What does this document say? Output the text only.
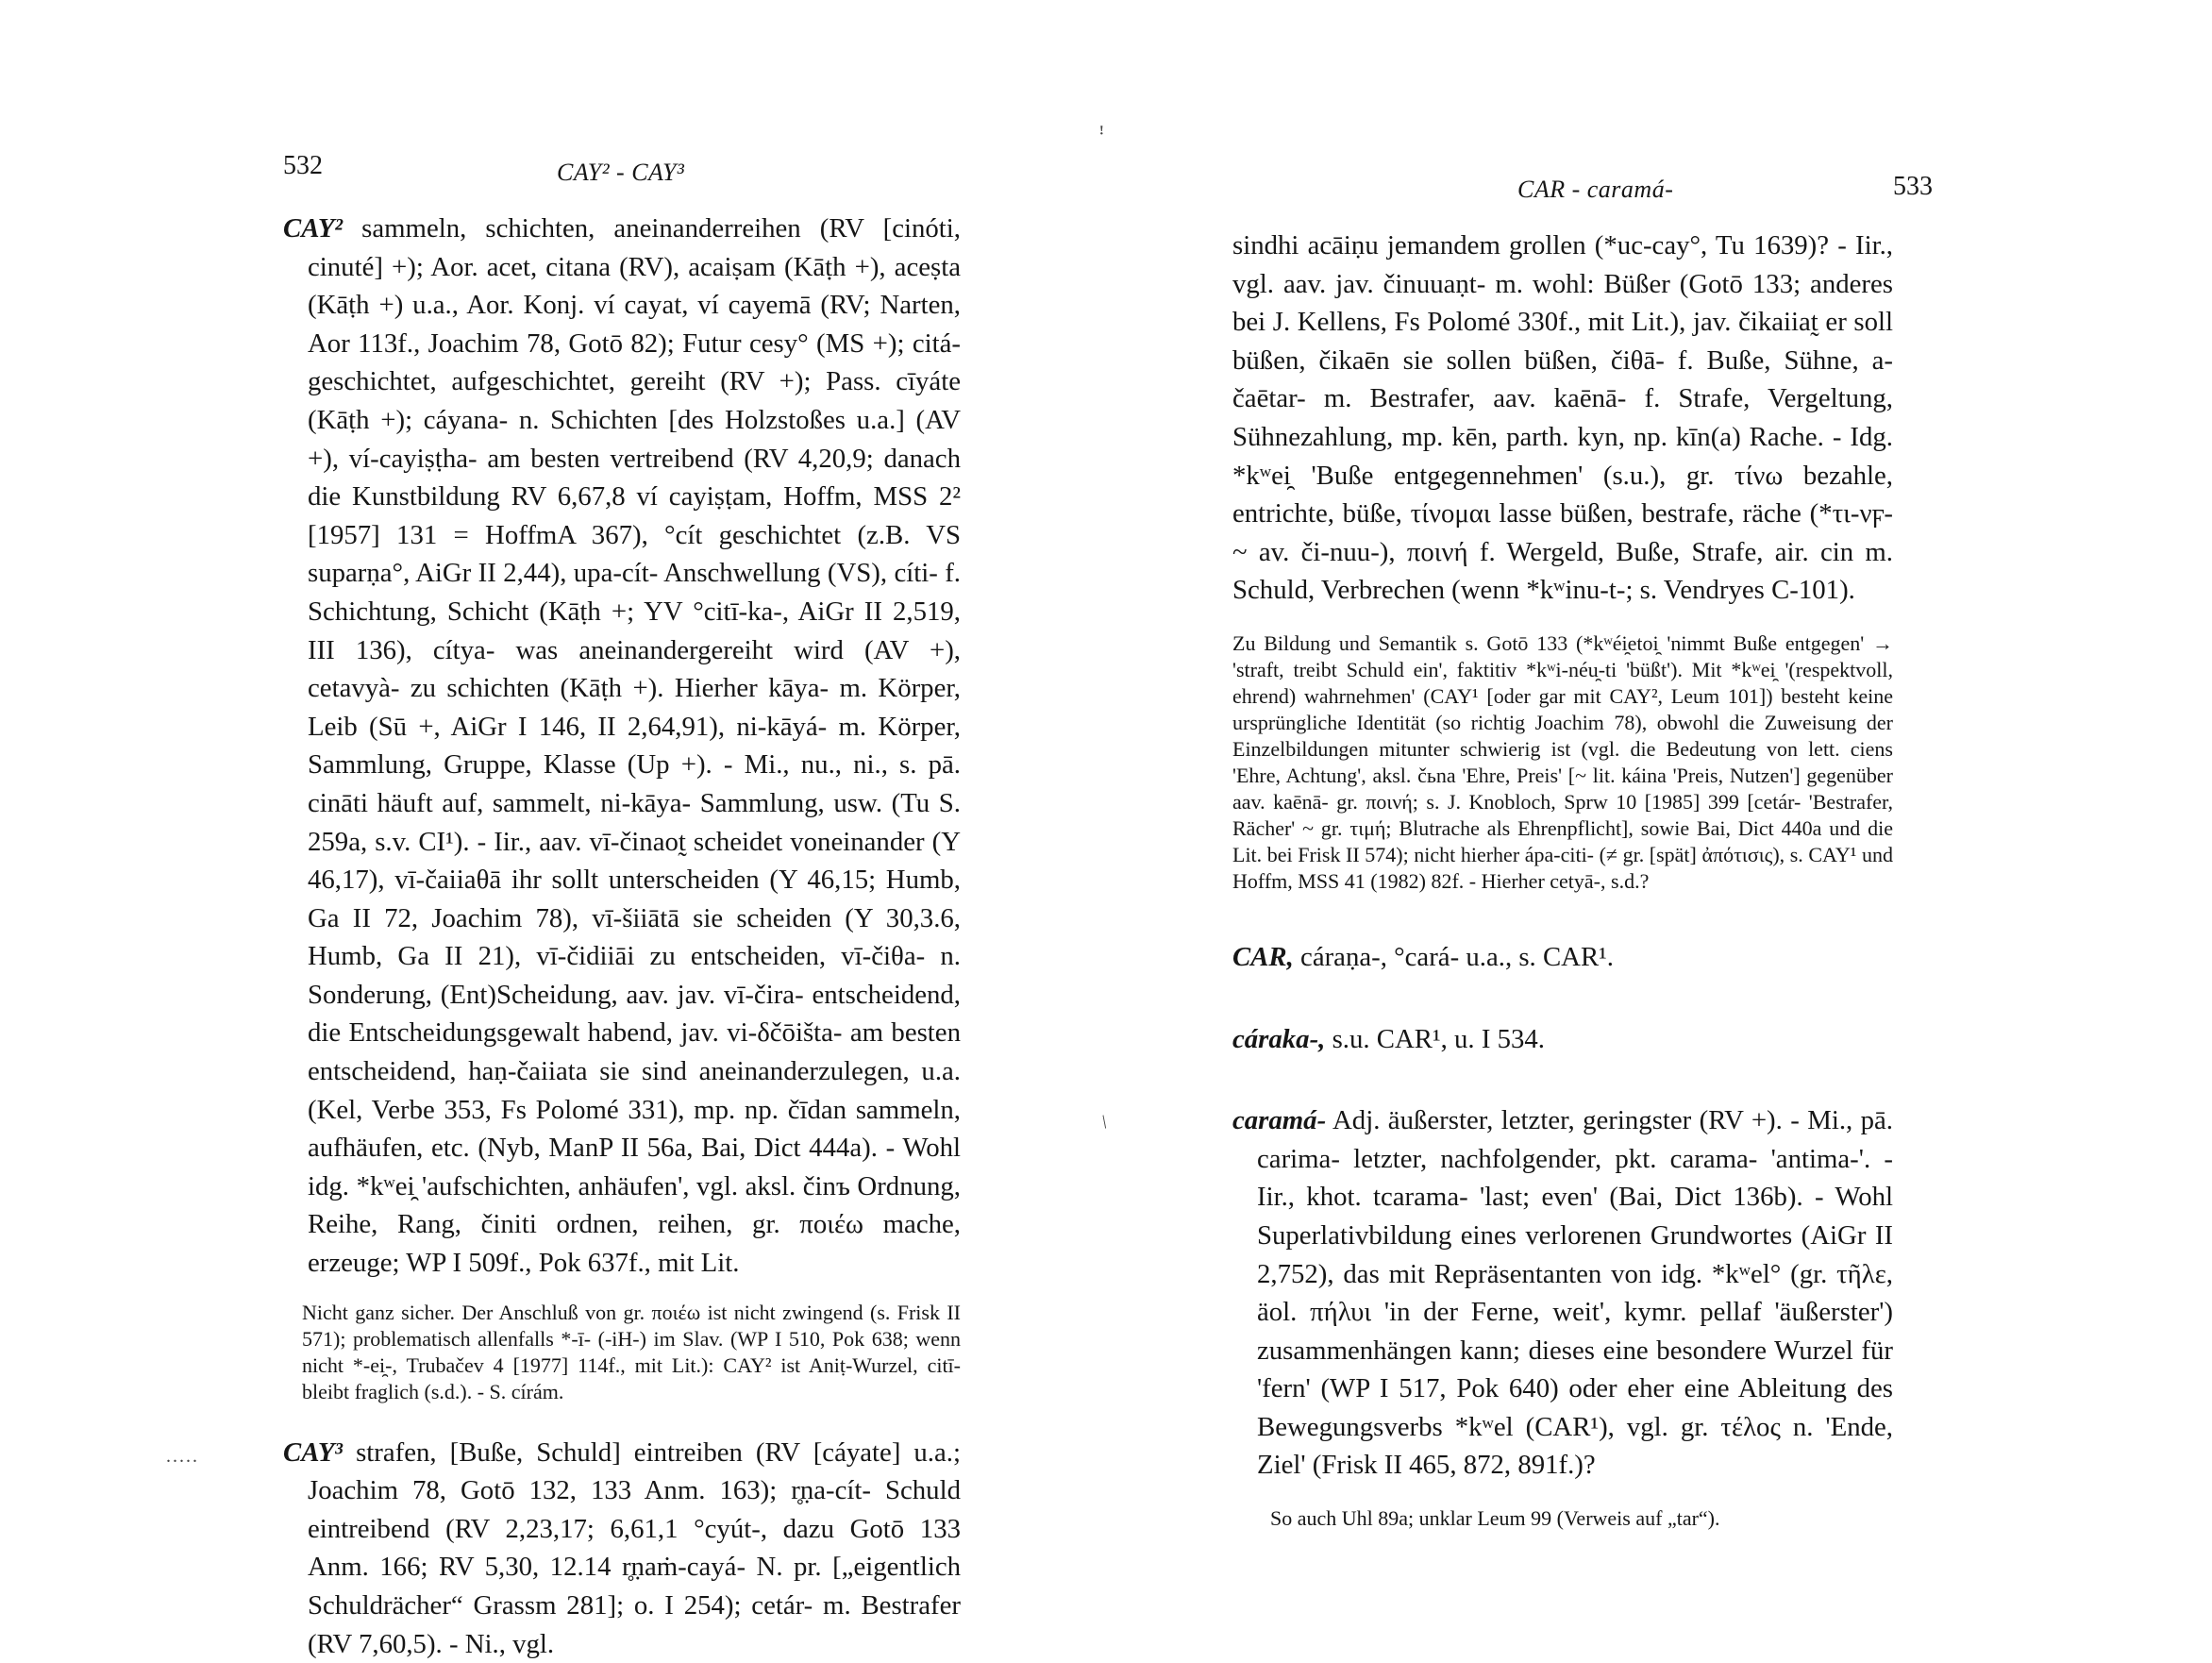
532	CAY² - CAY³

CAY² sammeln, schichten, aneinanderreihen (RV [cinóti, cinuté] +); Aor. acet, citana (RV), acaiṣam (Kāṭh +), aceṣta (Kāṭh +) u.a., Aor. Konj. ví cayat, ví cayemā (RV; Narten, Aor 113f., Joachim 78, Gotō 82); Futur cesy° (MS +); citá- geschichtet, aufgeschichtet, gereiht (RV +); Pass. cīyáte (Kāṭh +); cáyana- n. Schichten [des Holzstoßes u.a.] (AV +), ví-cayiṣṭha- am besten vertreibend (RV 4,20,9; danach die Kunstbildung RV 6,67,8 ví cayiṣṭam, Hoffm, MSS 2² [1957] 131 = HoffmA 367), °cít geschichtet (z.B. VS suparṇa°, AiGr II 2,44), upa-cít- Anschwellung (VS), cíti- f. Schichtung, Schicht (Kāṭh +; YV °citī-ka-, AiGr II 2,519, III 136), cítya- was aneinandergereiht wird (AV +), cetavyà- zu schichten (Kāṭh +). Hierher kāya- m. Körper, Leib (Sū +, AiGr I 146, II 2,64,91), ni-kāyá- m. Körper, Sammlung, Gruppe, Klasse (Up +). - Mi., nu., ni., s. pā. cināti häuft auf, sammelt, ni-kāya- Sammlung, usw. (Tu S. 259a, s.v. CI¹). - Iir., aav. vī-činaot̰ scheidet voneinander (Y 46,17), vī-čaiiaθā ihr sollt unterscheiden (Y 46,15; Humb, Ga II 72, Joachim 78), vī-šiiātā sie scheiden (Y 30,3.6, Humb, Ga II 21), vī-čidiiāi zu entscheiden, vī-čiθa- n. Sonderung, (Ent)Scheidung, aav. jav. vī-čira- entscheidend, die Entscheidungsgewalt habend, jav. vi-δčōišta- am besten entscheidend, haṇ-čaiiata sie sind aneinanderzulegen, u.a. (Kel, Verbe 353, Fs Polomé 331), mp. np. čīdan sammeln, aufhäufen, etc. (Nyb, ManP II 56a, Bai, Dict 444a). - Wohl idg. *kʷei̯ 'aufschichten, anhäufen', vgl. aksl. činъ Ordnung, Reihe, Rang, činiti ordnen, reihen, gr. ποιέω mache, erzeuge; WP I 509f., Pok 637f., mit Lit.

Nicht ganz sicher. Der Anschluß von gr. ποιέω ist nicht zwingend (s. Frisk II 571); problematisch allenfalls *-ī- (-iH-) im Slav. (WP I 510, Pok 638; wenn nicht *-ei̯-, Trubačev 4 [1977] 114f., mit Lit.): CAY² ist Aniṭ-Wurzel, citī- bleibt fraglich (s.d.). - S. círám.

CAY³ strafen, [Buße, Schuld] eintreiben (RV [cáyate] u.a.; Joachim 78, Gotō 132, 133 Anm. 163); r̥ṇa-cít- Schuld eintreibend (RV 2,23,17; 6,61,1 °cyút-, dazu Gotō 133 Anm. 166; RV 5,30, 12.14 r̥ṇaṁ-cayá- N. pr. [„eigentlich Schuldrächer“ Grassm 281]; o. I 254); cetár- m. Bestrafer (RV 7,60,5). - Ni., vgl.

CAR - caramá-	533

sindhi acāiṇu jemandem grollen (*uc-cay°, Tu 1639)? - Iir., vgl. aav. jav. činuuaṇt- m. wohl: Büßer (Gotō 133; anderes bei J. Kellens, Fs Polomé 330f., mit Lit.), jav. čikaiiat̰ er soll büßen, čikaēn sie sollen büßen, čiθā- f. Buße, Sühne, a-čaētar- m. Bestrafer, aav. kaēnā- f. Strafe, Vergeltung, Sühnezahlung, mp. kēn, parth. kyn, np. kīn(a) Rache. - Idg. *kʷei̯ 'Buße entgegennehmen' (s.u.), gr. τίνω bezahle, entrichte, büße, τίνομαι lasse büßen, bestrafe, räche (*τι-νϝ- ~ av. či-nuu-), ποινή f. Wergeld, Buße, Strafe, air. cin m. Schuld, Verbrechen (wenn *kʷinu-t-; s. Vendryes C-101).

Zu Bildung und Semantik s. Gotō 133 (*kʷéi̯etoi̯ 'nimmt Buße entgegen' → 'straft, treibt Schuld ein', faktitiv *kʷi-néu̯-ti 'büßt'). Mit *kʷei̯ '(respektvoll, ehrend) wahrnehmen' (CAY¹ [oder gar mit CAY², Leum 101]) besteht keine ursprüngliche Identität (so richtig Joachim 78), obwohl die Zuweisung der Einzelbildungen mitunter schwierig ist (vgl. die Bedeutung von lett. ciens 'Ehre, Achtung', aksl. čьna 'Ehre, Preis' [~ lit. káina 'Preis, Nutzen'] gegenüber aav. kaēnā- gr. ποινή; s. J. Knobloch, Sprw 10 [1985] 399 [cetár- 'Bestrafer, Rächer' ~ gr. τιμή; Blutrache als Ehrenpflicht], sowie Bai, Dict 440a und die Lit. bei Frisk II 574); nicht hierher ápa-citi- (≠ gr. [spät] ἀπότισις), s. CAY¹ und Hoffm, MSS 41 (1982) 82f. - Hierher cetyā-, s.d.?

CAR, cáraṇa-, °cará- u.a., s. CAR¹.

cáraka-, s.u. CAR¹, u. I 534.

caramá- Adj. äußerster, letzter, geringster (RV +). - Mi., pā. carima- letzter, nachfolgender, pkt. carama- 'antima-'. - Iir., khot. tcarama- 'last; even' (Bai, Dict 136b). - Wohl Superlativbildung eines verlorenen Grundwortes (AiGr II 2,752), das mit Repräsentanten von idg. *kʷel° (gr. τῆλε, äol. πήλυι 'in der Ferne, weit', kymr. pellaf 'äußerster') zusammenhängen kann; dieses eine besondere Wurzel für 'fern' (WP I 517, Pok 640) oder eher eine Ableitung des Bewegungsverbs *kʷel (CAR¹), vgl. gr. τέλος n. 'Ende, Ziel' (Frisk II 465, 872, 891f.)?

So auch Uhl 89a; unklar Leum 99 (Verweis auf „tar“).

ꜝ
/
.....
